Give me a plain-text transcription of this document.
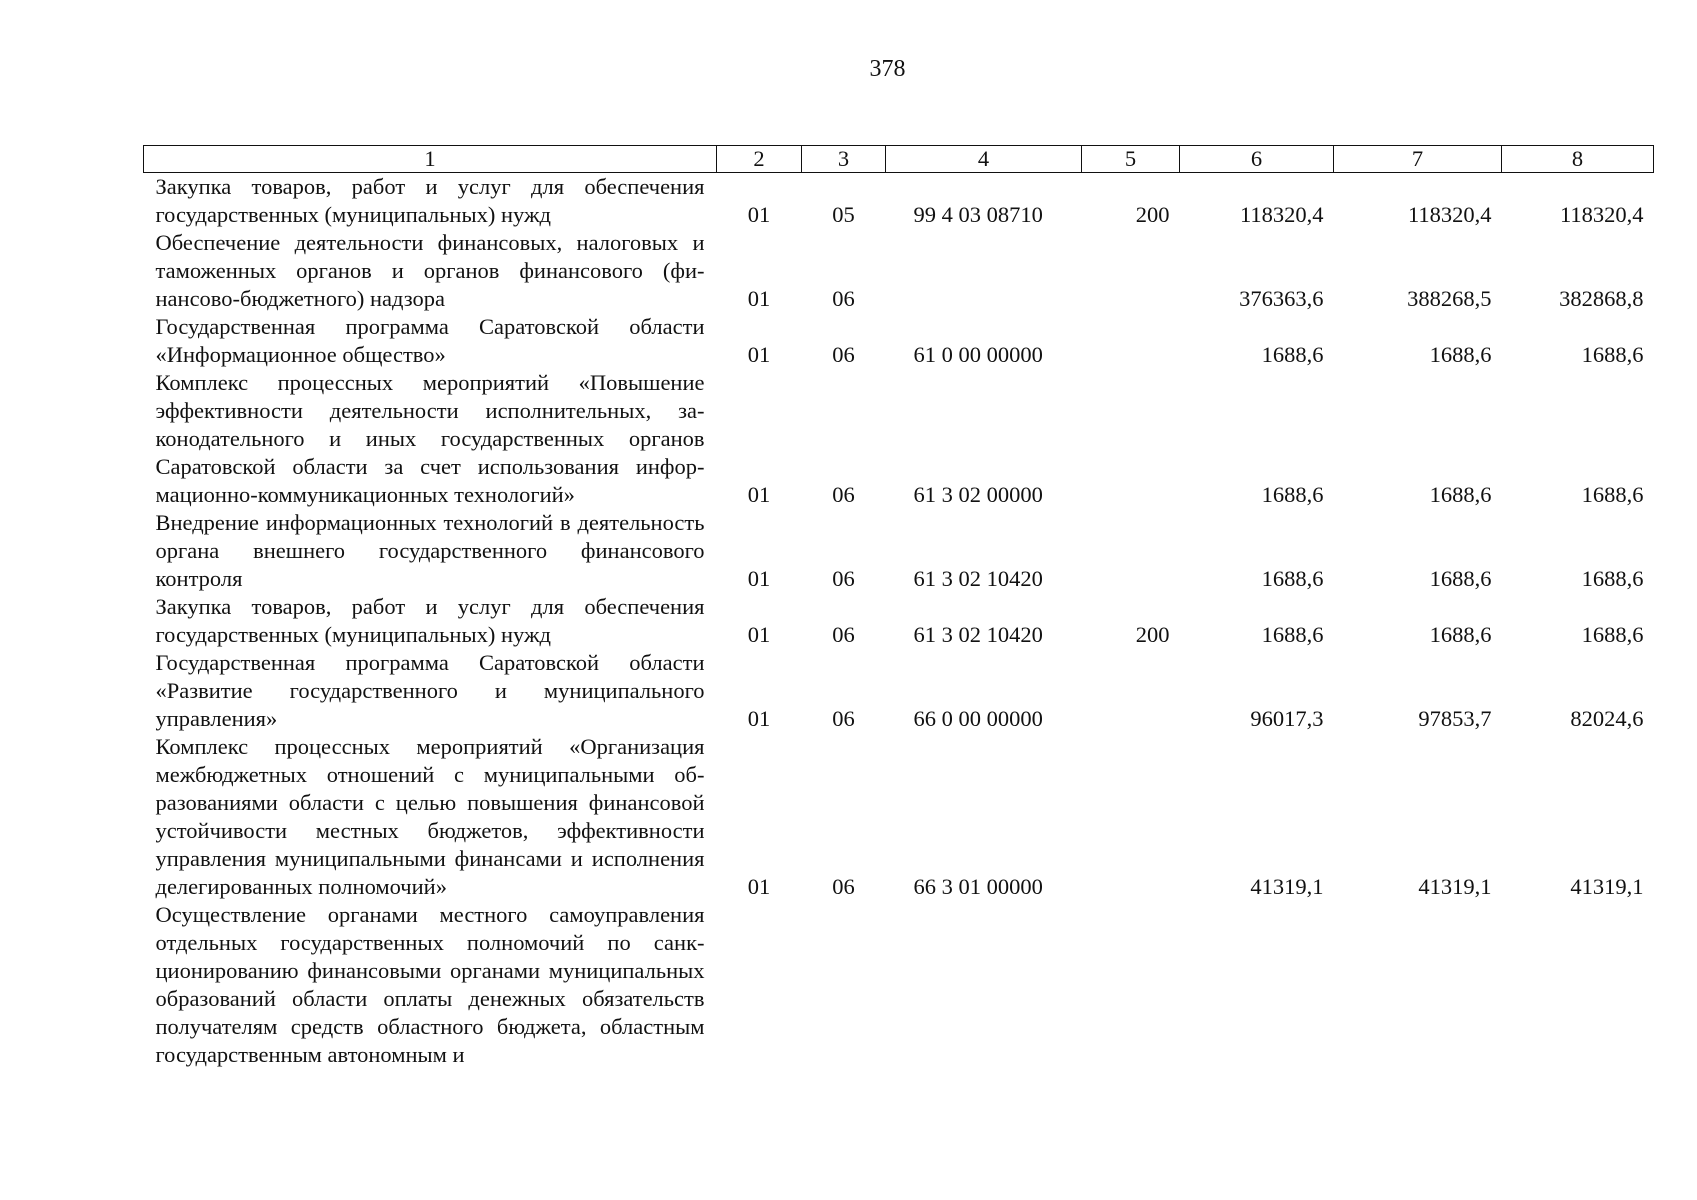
378
1	2	3	4	5	6	7	8
Закупка товаров, работ и услуг для обеспечения государственных (муниципальных) нужд	01	05	99 4 03 08710	200	118320,4	118320,4	118320,4
Обеспечение деятельности финансовых, налоговых и таможенных органов и органов финансового (финансово-бюджетного) надзора	01	06			376363,6	388268,5	382868,8
Государственная программа Саратовской области «Информационное общество»	01	06	61 0 00 00000		1688,6	1688,6	1688,6
Комплекс процессных мероприятий «Повышение эффективности деятельности исполнительных, законодательного и иных государственных органов Саратовской области за счет использования информационно-коммуникационных технологий»	01	06	61 3 02 00000		1688,6	1688,6	1688,6
Внедрение информационных технологий в деятельность органа внешнего государственного финансового контроля	01	06	61 3 02 10420		1688,6	1688,6	1688,6
Закупка товаров, работ и услуг для обеспечения государственных (муниципальных) нужд	01	06	61 3 02 10420	200	1688,6	1688,6	1688,6
Государственная программа Саратовской области «Развитие государственного и муниципального управления»	01	06	66 0 00 00000		96017,3	97853,7	82024,6
Комплекс процессных мероприятий «Организация межбюджетных отношений с муниципальными образованиями области с целью повышения финансовой устойчивости местных бюджетов, эффективности управления муниципальными финансами и исполнения делегированных полномочий»	01	06	66 3 01 00000		41319,1	41319,1	41319,1
Осуществление органами местного самоуправления отдельных государственных полномочий по санкционированию финансовыми органами муниципальных образований области оплаты денежных обязательств получателям средств областного бюджета, областным государственным автономным и							
